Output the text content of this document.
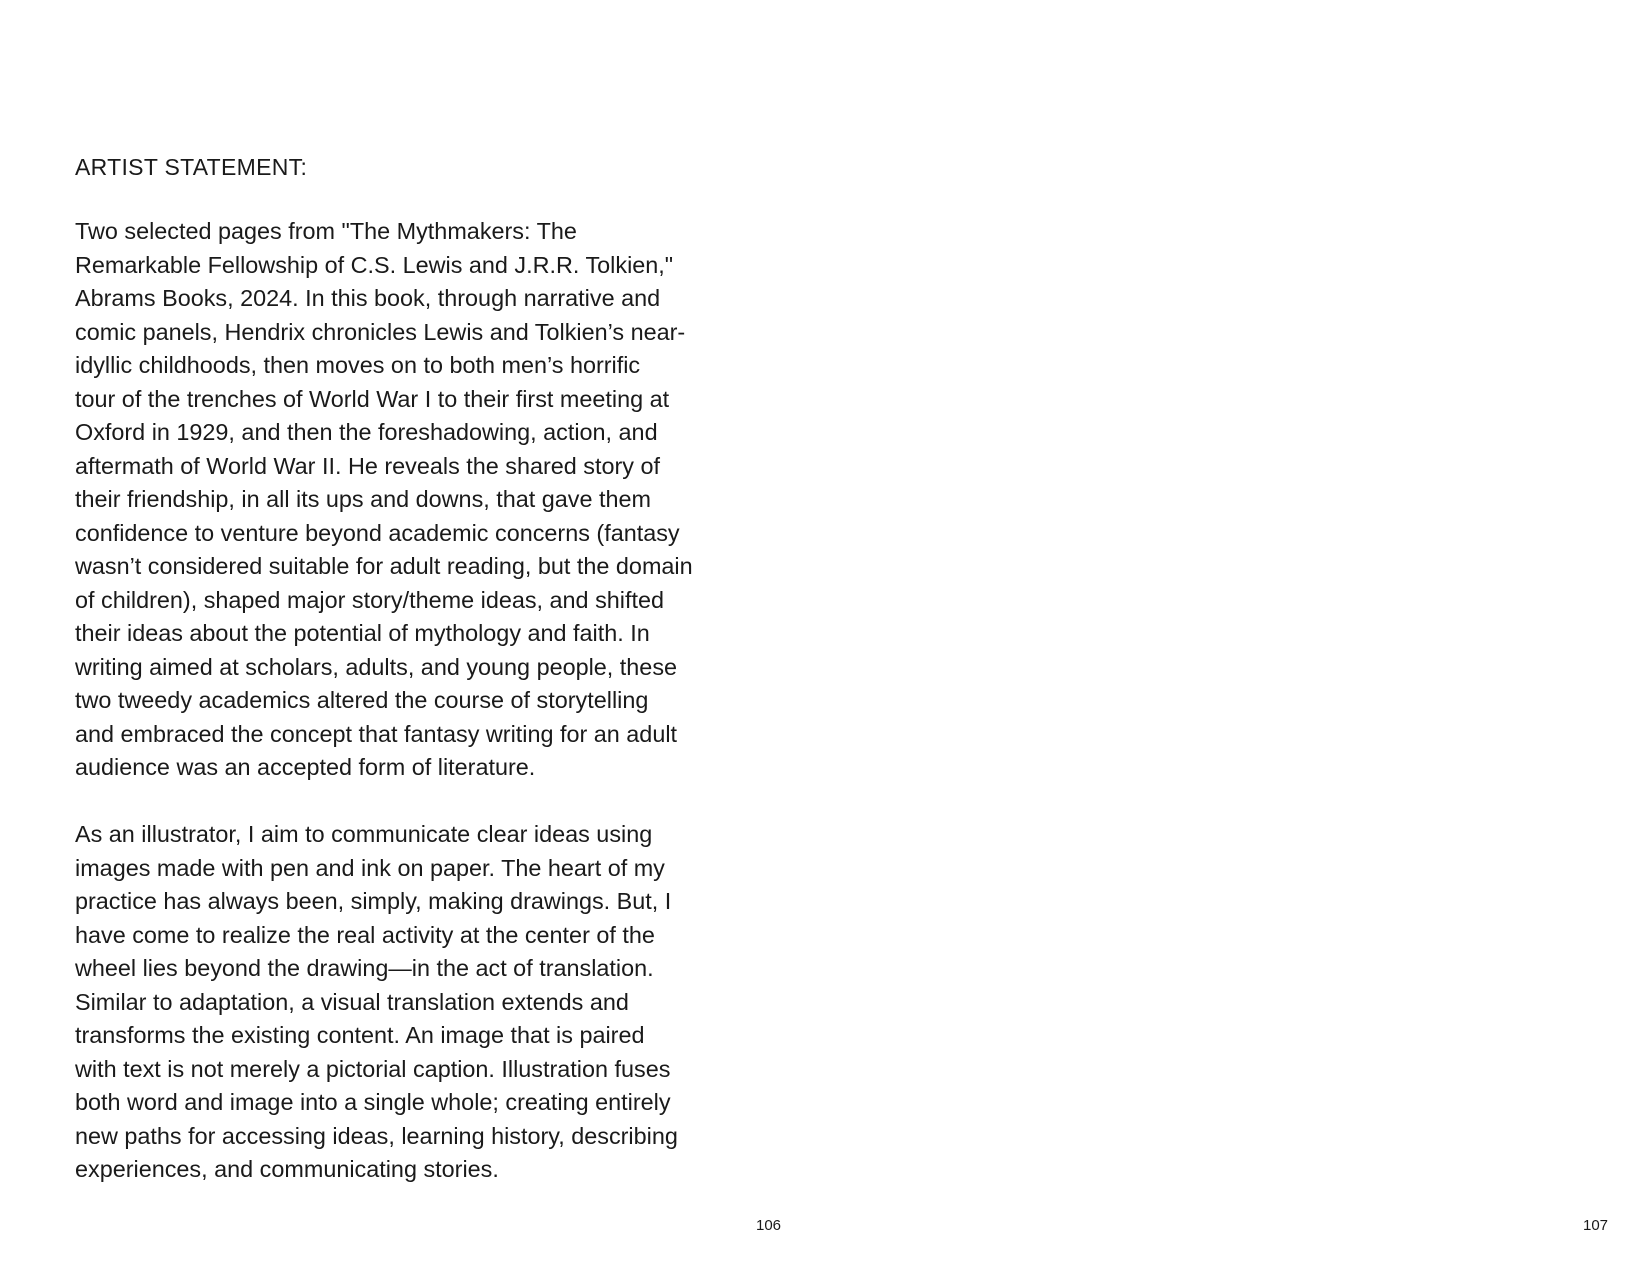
ARTIST STATEMENT:

Two selected pages from "The Mythmakers: The
Remarkable Fellowship of C.S. Lewis and J.R.R. Tolkien,"
Abrams Books, 2024. In this book, through narrative and
comic panels, Hendrix chronicles Lewis and Tolkien’s near-
idyllic childhoods, then moves on to both men’s horrific
tour of the trenches of World War I to their first meeting at
Oxford in 1929, and then the foreshadowing, action, and
aftermath of World War II. He reveals the shared story of
their friendship, in all its ups and downs, that gave them
confidence to venture beyond academic concerns (fantasy
wasn’t considered suitable for adult reading, but the domain
of children), shaped major story/theme ideas, and shifted
their ideas about the potential of mythology and faith. In
writing aimed at scholars, adults, and young people, these
two tweedy academics altered the course of storytelling
and embraced the concept that fantasy writing for an adult
audience was an accepted form of literature.

As an illustrator, I aim to communicate clear ideas using
images made with pen and ink on paper. The heart of my
practice has always been, simply, making drawings. But, I
have come to realize the real activity at the center of the
wheel lies beyond the drawing—in the act of translation.
Similar to adaptation, a visual translation extends and
transforms the existing content. An image that is paired
with text is not merely a pictorial caption. Illustration fuses
both word and image into a single whole; creating entirely
new paths for accessing ideas, learning history, describing
experiences, and communicating stories.

106	107
